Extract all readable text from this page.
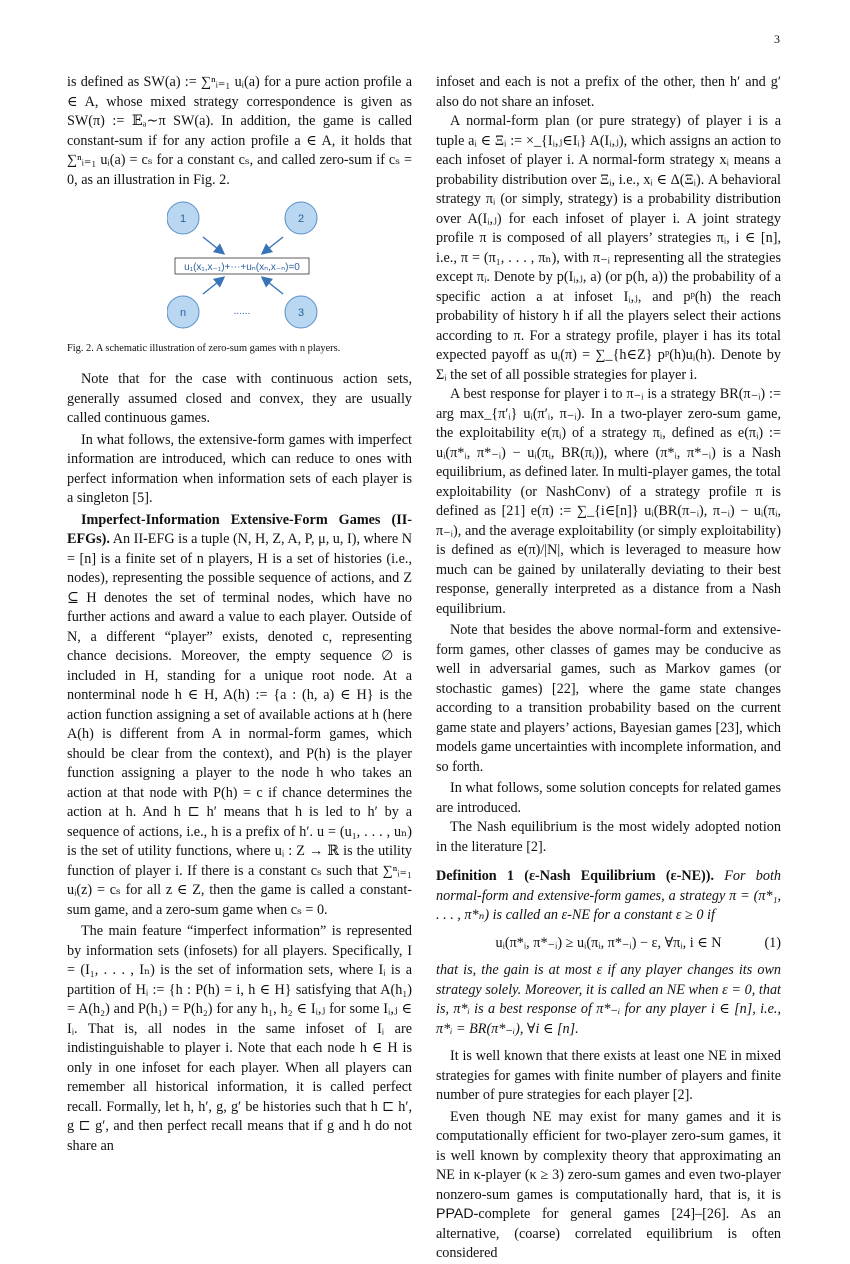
3

is defined as SW(a) := ∑ⁿᵢ₌₁ uᵢ(a) for a pure action profile a ∈ A, whose mixed strategy correspondence is given as SW(π) := 𝔼ₐ∼π SW(a). In addition, the game is called constant-sum if for any action profile a ∈ A, it holds that ∑ⁿᵢ₌₁ uᵢ(a) = cₛ for a constant cₛ, and called zero-sum if cₛ = 0, as an illustration in Fig. 2.

1	2
n	3
......
u₁(x₁,x₋₁)+⋯+uₙ(xₙ,x₋ₙ)=0
Fig. 2. A schematic illustration of zero-sum games with n players.

Note that for the case with continuous action sets, generally assumed closed and convex, they are usually called continuous games.

In what follows, the extensive-form games with imperfect information are introduced, which can reduce to ones with perfect information when information sets of each player is a singleton [5].

Imperfect-Information Extensive-Form Games (II-EFGs). An II-EFG is a tuple (N, H, Z, A, P, μ, u, I), where N = [n] is a finite set of n players, H is a set of histories (i.e., nodes), representing the possible sequence of actions, and Z ⊆ H denotes the set of terminal nodes, which have no further actions and award a value to each player. Outside of N, a different “player” exists, denoted c, representing chance decisions. Moreover, the empty sequence ∅ is included in H, standing for a unique root node. At a nonterminal node h ∈ H, A(h) := {a : (h, a) ∈ H} is the action function assigning a set of available actions at h (here A(h) is different from A in normal-form games, which should be clear from the context), and P(h) is the player function assigning a player to the node h who takes an action at that node with P(h) = c if chance determines the action at h. And h ⊏ h′ means that h is led to h′ by a sequence of actions, i.e., h is a prefix of h′. u = (u₁, . . . , uₙ) is the set of utility functions, where uᵢ : Z → ℝ is the utility function of player i. If there is a constant cₛ such that ∑ⁿᵢ₌₁ uᵢ(z) = cₛ for all z ∈ Z, then the game is called a constant-sum game, and a zero-sum game when cₛ = 0.

The main feature “imperfect information” is represented by information sets (infosets) for all players. Specifically, I = (I₁, . . . , Iₙ) is the set of information sets, where Iᵢ is a partition of Hᵢ := {h : P(h) = i, h ∈ H} satisfying that A(h₁) = A(h₂) and P(h₁) = P(h₂) for any h₁, h₂ ∈ Iᵢ,ⱼ for some Iᵢ,ⱼ ∈ Iᵢ. That is, all nodes in the same infoset of Iᵢ are indistinguishable to player i. Note that each node h ∈ H is only in one infoset for each player. When all players can remember all historical information, it is called perfect recall. Formally, let h, h′, g, g′ be histories such that h ⊏ h′, g ⊏ g′, and then perfect recall means that if g and h do not share an

infoset and each is not a prefix of the other, then h′ and g′ also do not share an infoset.

A normal-form plan (or pure strategy) of player i is a tuple aᵢ ∈ Ξᵢ := ×_{Iᵢ,ⱼ∈Iᵢ} A(Iᵢ,ⱼ), which assigns an action to each infoset of player i. A normal-form strategy xᵢ means a probability distribution over Ξᵢ, i.e., xᵢ ∈ Δ(Ξᵢ). A behavioral strategy πᵢ (or simply, strategy) is a probability distribution over A(Iᵢ,ⱼ) for each infoset of player i. A joint strategy profile π is composed of all players’ strategies πᵢ, i ∈ [n], i.e., π = (π₁, . . . , πₙ), with π₋ᵢ representing all the strategies except πᵢ. Denote by p(Iᵢ,ⱼ, a) (or p(h, a)) the probability of a specific action a at infoset Iᵢ,ⱼ, and pᵖ(h) the reach probability of history h if all the players select their actions according to π. For a strategy profile, player i has its total expected payoff as uᵢ(π) = ∑_{h∈Z} pᵖ(h)uᵢ(h). Denote by Σᵢ the set of all possible strategies for player i.

A best response for player i to π₋ᵢ is a strategy BR(π₋ᵢ) := arg max_{π′ᵢ} uᵢ(π′ᵢ, π₋ᵢ). In a two-player zero-sum game, the exploitability e(πᵢ) of a strategy πᵢ, defined as e(πᵢ) := uᵢ(π*ᵢ, π*₋ᵢ) − uᵢ(πᵢ, BR(πᵢ)), where (π*ᵢ, π*₋ᵢ) is a Nash equilibrium, as defined later. In multi-player games, the total exploitability (or NashConv) of a strategy profile π is defined as [21] e(π) := ∑_{i∈[n]} uᵢ(BR(π₋ᵢ), π₋ᵢ) − uᵢ(πᵢ, π₋ᵢ), and the average exploitability (or simply exploitability) is defined as e(π)/|N|, which is leveraged to measure how much can be gained by unilaterally deviating to their best response, generally interpreted as a distance from a Nash equilibrium.

Note that besides the above normal-form and extensive-form games, other classes of games may be conducive as well in adversarial games, such as Markov games (or stochastic games) [22], where the game state changes according to a transition probability based on the current game state and players’ actions, Bayesian games [23], which models game uncertainties with incomplete information, and so forth.

In what follows, some solution concepts for related games are introduced.

The Nash equilibrium is the most widely adopted notion in the literature [2].

Definition 1 (ε-Nash Equilibrium (ε-NE)). For both normal-form and extensive-form games, a strategy π = (π*₁, . . . , π*ₙ) is called an ε-NE for a constant ε ≥ 0 if

uᵢ(π*ᵢ, π*₋ᵢ) ≥ uᵢ(πᵢ, π*₋ᵢ) − ε, ∀πᵢ, i ∈ N	(1)

that is, the gain is at most ε if any player changes its own strategy solely. Moreover, it is called an NE when ε = 0, that is, π*ᵢ is a best response of π*₋ᵢ for any player i ∈ [n], i.e., π*ᵢ = BR(π*₋ᵢ), ∀i ∈ [n].

It is well known that there exists at least one NE in mixed strategies for games with finite number of players and finite number of pure strategies for each player [2].

Even though NE may exist for many games and it is computationally efficient for two-player zero-sum games, it is well known by complexity theory that approximating an NE in κ-player (κ ≥ 3) zero-sum games and even two-player nonzero-sum games is computationally hard, that is, it is PPAD-complete for general games [24]–[26]. As an alternative, (coarse) correlated equilibrium is often considered
